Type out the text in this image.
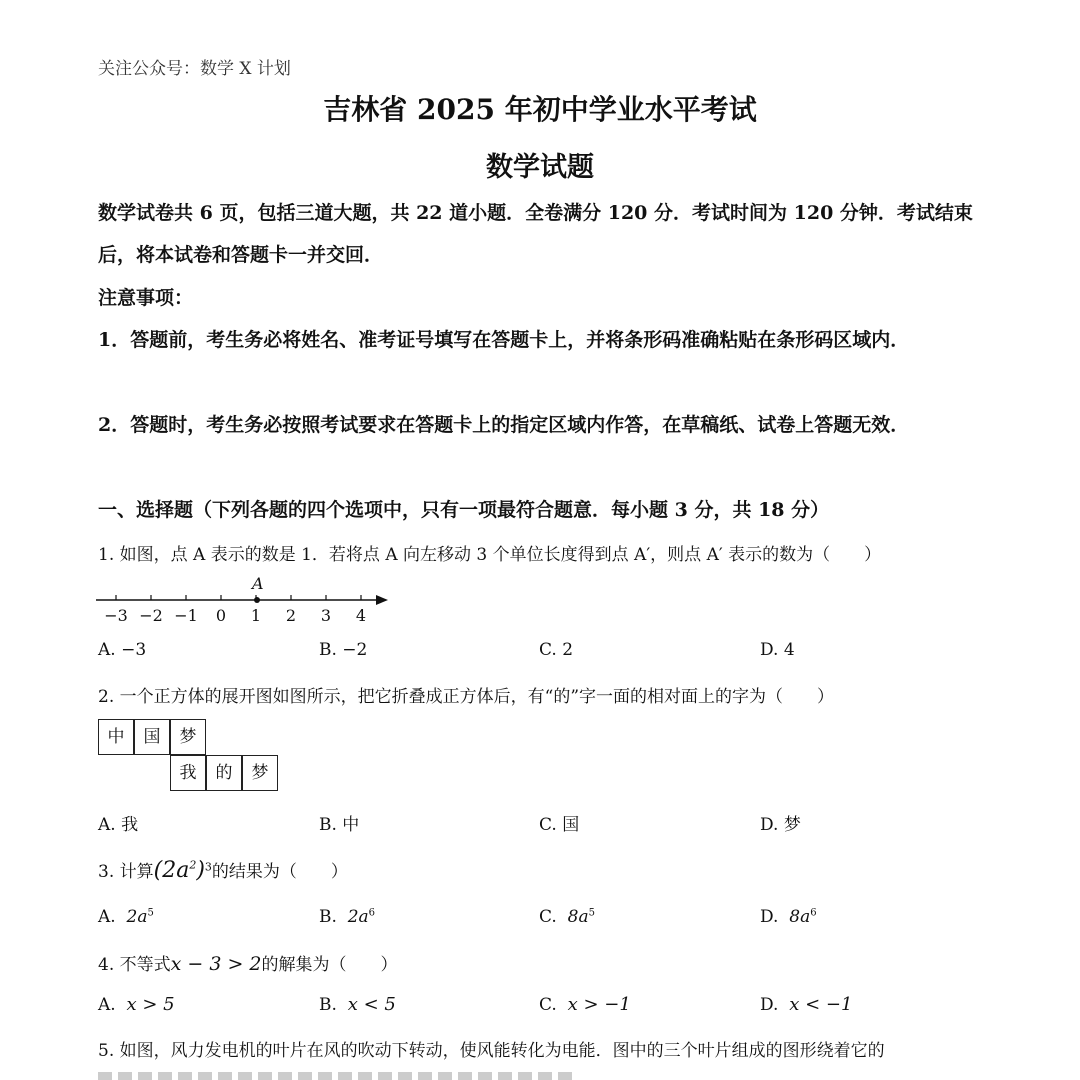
关注公众号：数学 X 计划
吉林省 2025 年初中学业水平考试
数学试题
数学试卷共 6 页，包括三道大题，共 22 道小题．全卷满分 120 分．考试时间为 120 分钟．考试结束后，将本试卷和答题卡一并交回．
注意事项：
1．答题前，考生务必将姓名、准考证号填写在答题卡上，并将条形码准确粘贴在条形码区域内．
2．答题时，考生务必按照考试要求在答题卡上的指定区域内作答，在草稿纸、试卷上答题无效．
一、选择题（下列各题的四个选项中，只有一项最符合题意．每小题 3 分，共 18 分）
1. 如图，点 A 表示的数是 1．若将点 A 向左移动 3 个单位长度得到点 A′，则点 A′ 表示的数为（　　）
A
−3 −2 −1 0 1 2 3 4
A. −3	B. −2	C. 2	D. 4
2. 一个正方体的展开图如图所示，把它折叠成正方体后，有“的”字一面的相对面上的字为（　　）
中	国	梦
我	的	梦
A. 我	B. 中	C. 国	D. 梦
3. 计算$(2a^2)^3$的结果为（　　）
A. $2a^5$	B. $2a^6$	C. $8a^5$	D. $8a^6$
4. 不等式x − 3 > 2的解集为（　　）
A. x > 5	B. x < 5	C. x > −1	D. x < −1
5. 如图，风力发电机的叶片在风的吹动下转动，使风能转化为电能．图中的三个叶片组成的图形绕着它的
